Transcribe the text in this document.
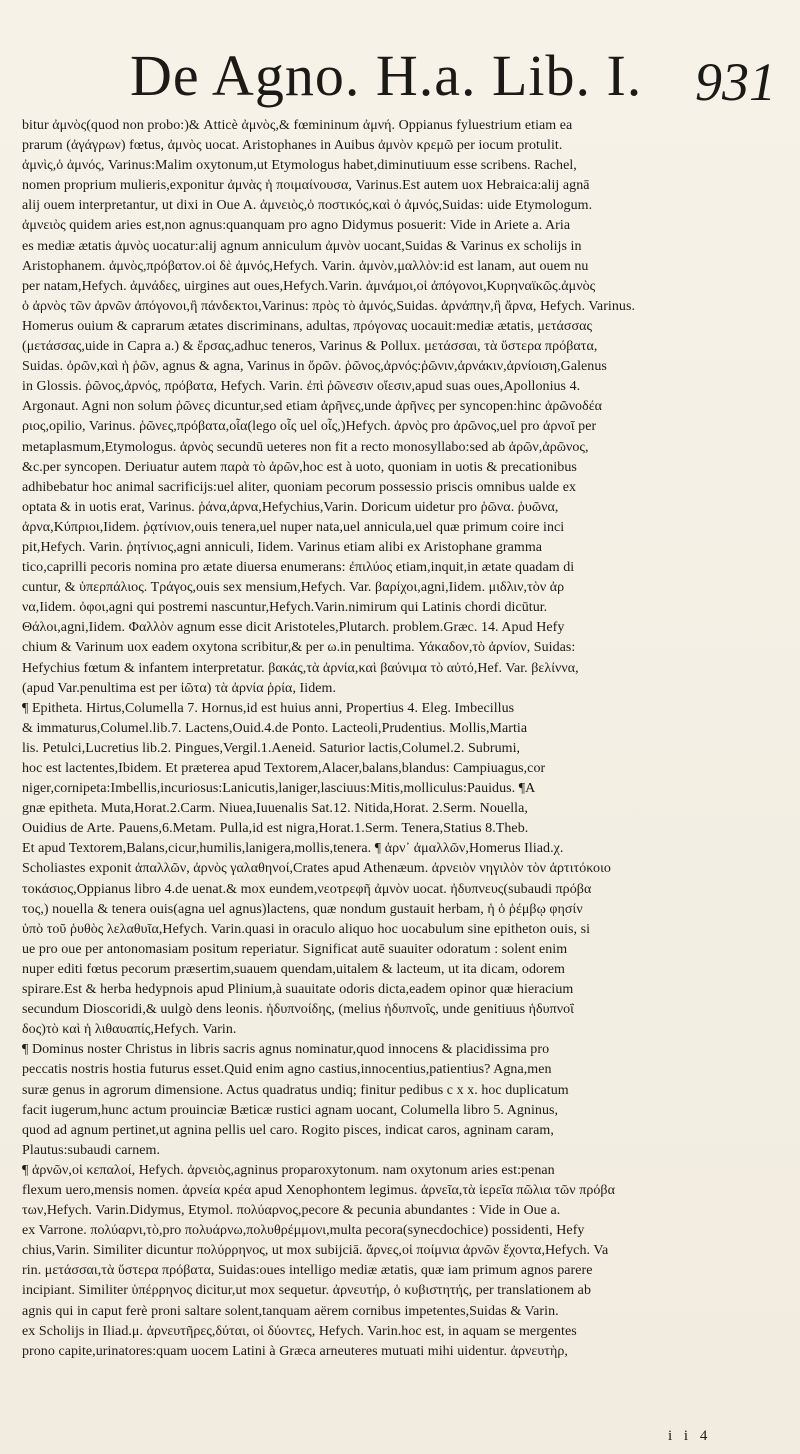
De Agno. H.a. Lib. I. 931
bitur ἀμνὸς(quod non probo:)& Atticè ἀμνὸς,& fœmininum ἀμνή. Oppianus fyluestrium etiam ea
prarum (ἀγάγρων) fœtus, ἀμνὸς uocat. Aristophanes in Auibus ἀμνὸν κρεμῶ per iocum protulit.
ἀμνὶς,ὁ ἀμνός, Varinus:Malim oxytonum,ut Etymologus habet,diminutiuum esse scribens. Rachel,
nomen proprium mulieris,exponitur ἀμνὰς ἡ ποιμαίνουσα, Varinus.Est autem uox Hebraica:alij agnā
alij ouem interpretantur, ut dixi in Oue A. ἀμνειὸς,ὁ ποστικός,καὶ ὁ ἀμνός,Suidas: uide Etymologum.
ἀμνειὸς quidem aries est,non agnus:quanquam pro agno Didymus posuerit: Vide in Ariete a. Aria
es mediæ ætatis ἀμνὸς uocatur:alij agnum anniculum ἀμνὸν uocant,Suidas & Varinus ex scholijs in
Aristophanem. ἀμνὸς,πρόβατον.οἱ δὲ ἀμνός,Hefych. Varin. ἀμνὸν,μαλλὸν:id est lanam, aut ouem nu
per natam,Hefych. ἀμνάδες, uirgines aut oues,Hefych.Varin. ἀμνάμοι,οἱ ἀπόγονοι,Κυρηναϊκῶς.ἀμνὸς
ὁ ἀρνὸς τῶν ἀρνῶν ἀπόγονοι,ἢ πάνδεκτοι,Varinus: πρὸς τὸ ἀμνός,Suidas. ἀρνάπην,ἢ ἄρνα, Hefych. Varinus.
Homerus ouium & caprarum ætates discriminans, adultas, πρόγονας uocauit:mediæ ætatis, μετάσσας
(μετάσσας,uide in Capra a.) & ἔρσας,adhuc teneros, Varinus & Pollux. μετάσσαι, τὰ ὕστερα πρόβατα,
Suidas. ὀρῶν,καὶ ἡ ῥῶν, agnus & agna, Varinus in ὄρῶν. ῥῶνος,ἀρνός:ῥῶνιν,ἀρνάκιν,ἀρνίοιση,Galenus
in Glossis. ῥῶνος,ἀρνός, πρόβατα, Hefych. Varin. ἐπὶ ῥῶνεσιν οἴεσιν,apud suas oues,Apollonius 4.
Argonaut. Agni non solum ῥῶνες dicuntur,sed etiam ἀρῆνες,unde ἀρῆνες per syncopen:hinc ἀρῶνοδέα
ριος,opilio, Varinus. ῥῶνες,πρόβατα,οἷα(lego οἷς uel οἶς,)Hefych. ἀρνὸς pro ἀρῶνος,uel pro ἀρνοῖ per
metaplasmum,Etymologus. ἀρνὸς secundū ueteres non fit a recto monosyllabo:sed ab ἀρῶν,ἀρῶνος,
&c.per syncopen. Deriuatur autem παρὰ τὸ ἀρῶν,hoc est à uoto, quoniam in uotis & precationibus
adhibebatur hoc animal sacrificijs:uel aliter, quoniam pecorum possessio priscis omnibus ualde ex
optata & in uotis erat, Varinus. ῥάνα,ἀρνα,Hefychius,Varin. Doricum uidetur pro ῥῶνα. ῥυῶνα,
ἀρνα,Κύπριοι,Iidem. ῥᾳτίνιον,ouis tenera,uel nuper nata,uel annicula,uel quæ primum coire inci
pit,Hefych. Varin. ῥητίνιος,agni anniculi, Iidem. Varinus etiam alibi ex Aristophane gramma
tico,caprilli pecoris nomina pro ætate diuersa enumerans: ἐπιλύος etiam,inquit,in ætate quadam di
cuntur, & ὑπερπάλιος. Τράγος,ouis sex mensium,Hefych. Var. βαρίχοι,agni,Iidem. μιδλιν,τὸν ἀρ
να,Iidem. ὀφοι,agni qui postremi nascuntur,Hefych.Varin.nimirum qui Latinis chordi dicūtur.
Θάλοι,agni,Iidem. Φαλλὸν agnum esse dicit Aristoteles,Plutarch. problem.Græc. 14. Apud Hefy
chium & Varinum uox eadem oxytona scribitur,& per ω.in penultima. Υάκαδον,τὸ ἀρνίον, Suidas:
Hefychius fœtum & infantem interpretatur. βακάς,τὰ ἀρνία,καὶ βαύνιμα τὸ αὐτό,Hef. Var. βελίννα,
(apud Var.penultima est per ἰῶτα) τὰ ἀρνία ῥρία, Iidem.
¶ Epitheta. Hirtus,Columella 7. Hornus,id est huius anni, Propertius 4. Eleg. Imbecillus
& immaturus,Columel.lib.7. Lactens,Ouid.4.de Ponto. Lacteoli,Prudentius. Mollis,Martia
lis. Petulci,Lucretius lib.2. Pingues,Vergil.1.Aeneid. Saturior lactis,Columel.2. Subrumi,
hoc est lactentes,Ibidem. Et præterea apud Textorem,Alacer,balans,blandus: Campiuagus,cor
niger,cornipeta:Imbellis,incuriosus:Lanicutis,laniger,lasciuus:Mitis,molliculus:Pauidus. ¶A
gnæ epitheta. Muta,Horat.2.Carm. Niuea,Iuuenalis Sat.12. Nitida,Horat. 2.Serm. Nouella,
Ouidius de Arte. Pauens,6.Metam. Pulla,id est nigra,Horat.1.Serm. Tenera,Statius 8.Theb.
Et apud Textorem,Balans,cicur,humilis,lanigera,mollis,tenera. ¶ ἀρν᾽ ἀμαλλῶν,Homerus Iliad.χ.
Scholiastes exponit ἀπαλλῶν, ἀρνὸς γαλαθηνοί,Crates apud Athenæum. ἀρνειὸν νηγιλὸν τὸν ἀρτιτόκοιο
τοκάσιος,Oppianus libro 4.de uenat.& mox eundem,νεοτρεφῆ ἀμνὸν uocat. ἠδυπνευς(subaudi πρόβα
τος,) nouella & tenera ouis(agna uel agnus)lactens, quæ nondum gustauit herbam, ἡ ὁ ῥέμβῳ φησίν
ὑπὸ τοῦ ῥυθὸς λελαθυῖα,Hefych. Varin.quasi in oraculo aliquo hoc uocabulum sine epitheton ouis, si
ue pro oue per antonomasiam positum reperiatur. Significat autē suauiter odoratum : solent enim
nuper editi fœtus pecorum præsertim,suauem quendam,uitalem & lacteum, ut ita dicam, odorem
spirare.Est & herba hedypnois apud Plinium,à suauitate odoris dicta,eadem opinor quæ hieracium
secundum Dioscoridi,& uulgò dens leonis. ἡδυπνοίδης, (melius ἡδυπνοΐς, unde genitiuus ἡδυπνοΐ
δος)τὸ καὶ ἡ λιθαυαπίς,Hefych. Varin.
¶ Dominus noster Christus in libris sacris agnus nominatur,quod innocens & placidissima pro
peccatis nostris hostia futurus esset.Quid enim agno castius,innocentius,patientius? Agna,men
suræ genus in agrorum dimensione. Actus quadratus undiq; finitur pedibus c x x. hoc duplicatum
facit iugerum,hunc actum prouinciæ Bæticæ rustici agnam uocant, Columella libro 5. Agninus,
quod ad agnum pertinet,ut agnina pellis uel caro. Rogito pisces, indicat caros, agninam caram,
Plautus:subaudi carnem.
¶ ἀρνῶν,οἱ κεπαλοί, Hefych. ἀρνειὸς,agninus proparoxytonum. nam oxytonum aries est:penan
flexum uero,mensis nomen. ἀρνεία κρέα apud Xenophontem legimus. ἀρνεῖα,τὰ ἱερεῖα πῶλια τῶν πρόβα
των,Hefych. Varin.Didymus, Etymol. πολύαρνος,pecore & pecunia abundantes : Vide in Oue a.
ex Varrone. πολύαρνι,τὸ,pro πολυάρνω,πολυθρέμμονι,multa pecora(synecdochice) possidenti, Hefy
chius,Varin. Similiter dicuntur πολύρρηνος, ut mox subijciā. ἄρνες,οἱ ποίμνια ἀρνῶν ἔχοντα,Hefych. Va
rin. μετάσσαι,τὰ ὕστερα πρόβατα, Suidas:oues intelligo mediæ ætatis, quæ iam primum agnos parere
incipiant. Similiter ὑπέρρηνος dicitur,ut mox sequetur. ἀρνευτήρ, ὁ κυβιστητής, per translationem ab
agnis qui in caput ferè proni saltare solent,tanquam aërem cornibus impetentes,Suidas & Varin.
ex Scholijs in Iliad.μ. ἀρνευτῆρες,δύται, οἱ δύοντες, Hefych. Varin.hoc est, in aquam se mergentes
prono capite,urinatores:quam uocem Latini à Græca arneuteres mutuati mihi uidentur. ἀρνευτὴρ,
i i 4
